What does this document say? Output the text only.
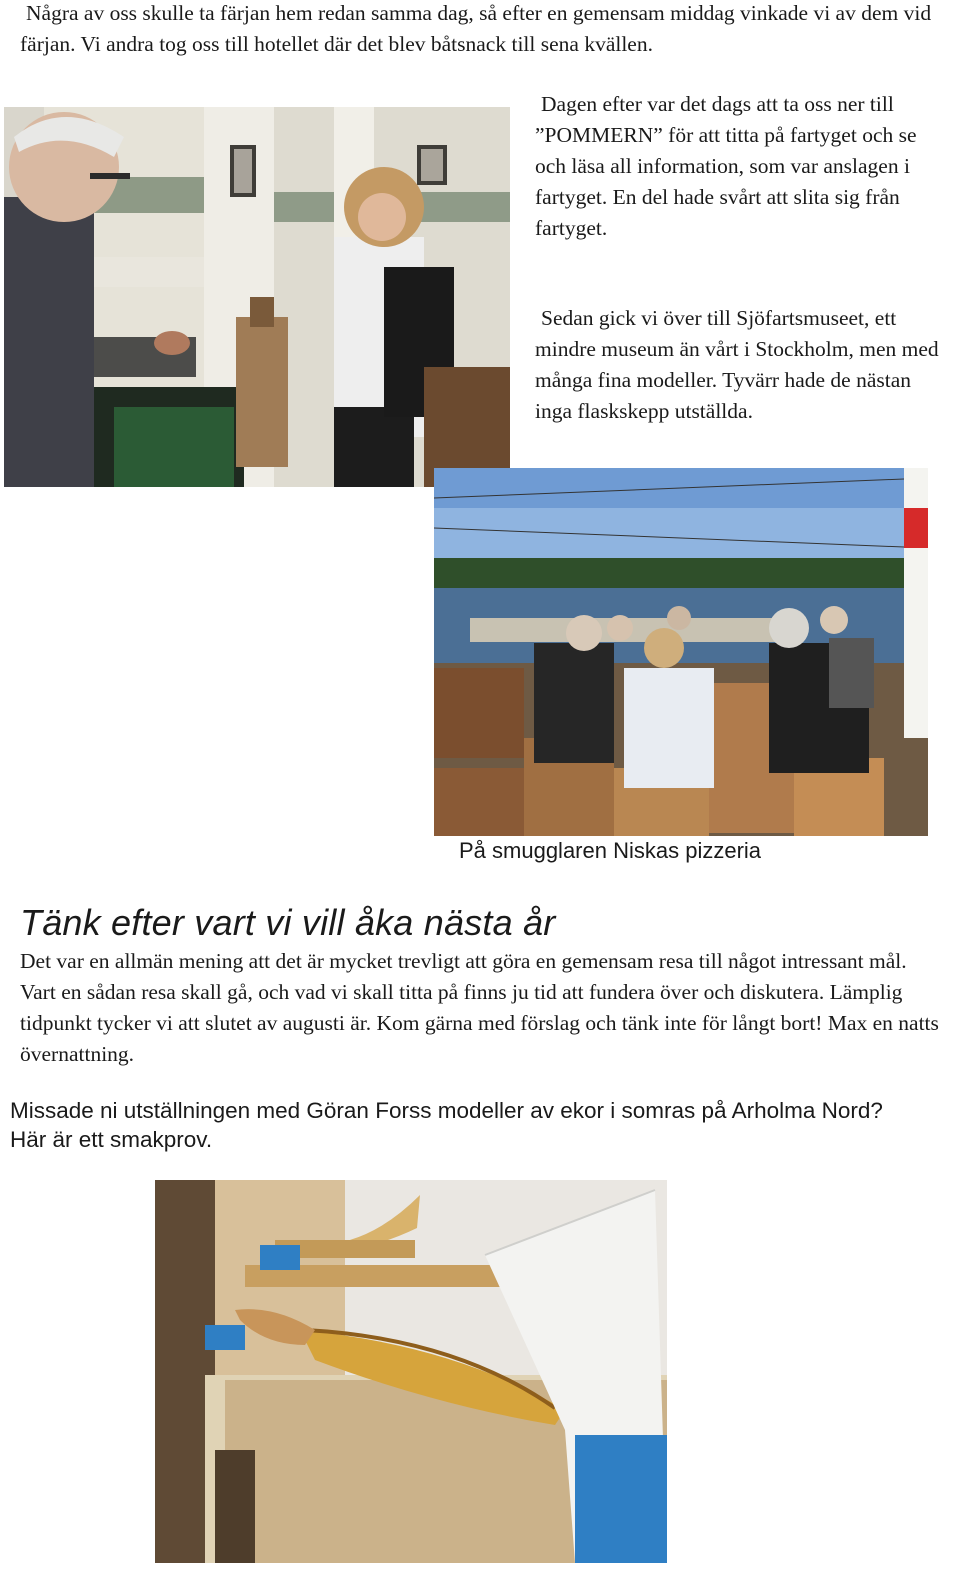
Några av oss skulle ta färjan hem redan samma dag, så efter en gemensam middag vinkade vi av dem vid färjan. Vi andra tog oss till hotellet där det blev båtsnack till sena kvällen.

Dagen efter var det dags att ta oss ner till ”POMMERN” för att titta på fartyget och se och läsa all information, som var anslagen i fartyget. En del hade svårt att slita sig från fartyget.

Sedan gick vi över till Sjöfartsmuseet, ett mindre museum än vårt i Stockholm, men med många fina modeller. Tyvärr hade de nästan inga flaskskepp utställda.

På smugglaren Niskas pizzeria
Tänk efter vart vi vill åka nästa år

Det var en allmän mening att det är mycket trevligt att göra en gemensam resa till något intressant mål. Vart en sådan resa skall gå, och vad vi skall titta på finns ju tid att fundera över och diskutera. Lämplig tidpunkt tycker vi att slutet av augusti är. Kom gärna med förslag och tänk inte för långt bort! Max en natts övernattning.

Missade ni utställningen med Göran Forss modeller av ekor i somras på Arholma Nord? Här är ett smakprov.
